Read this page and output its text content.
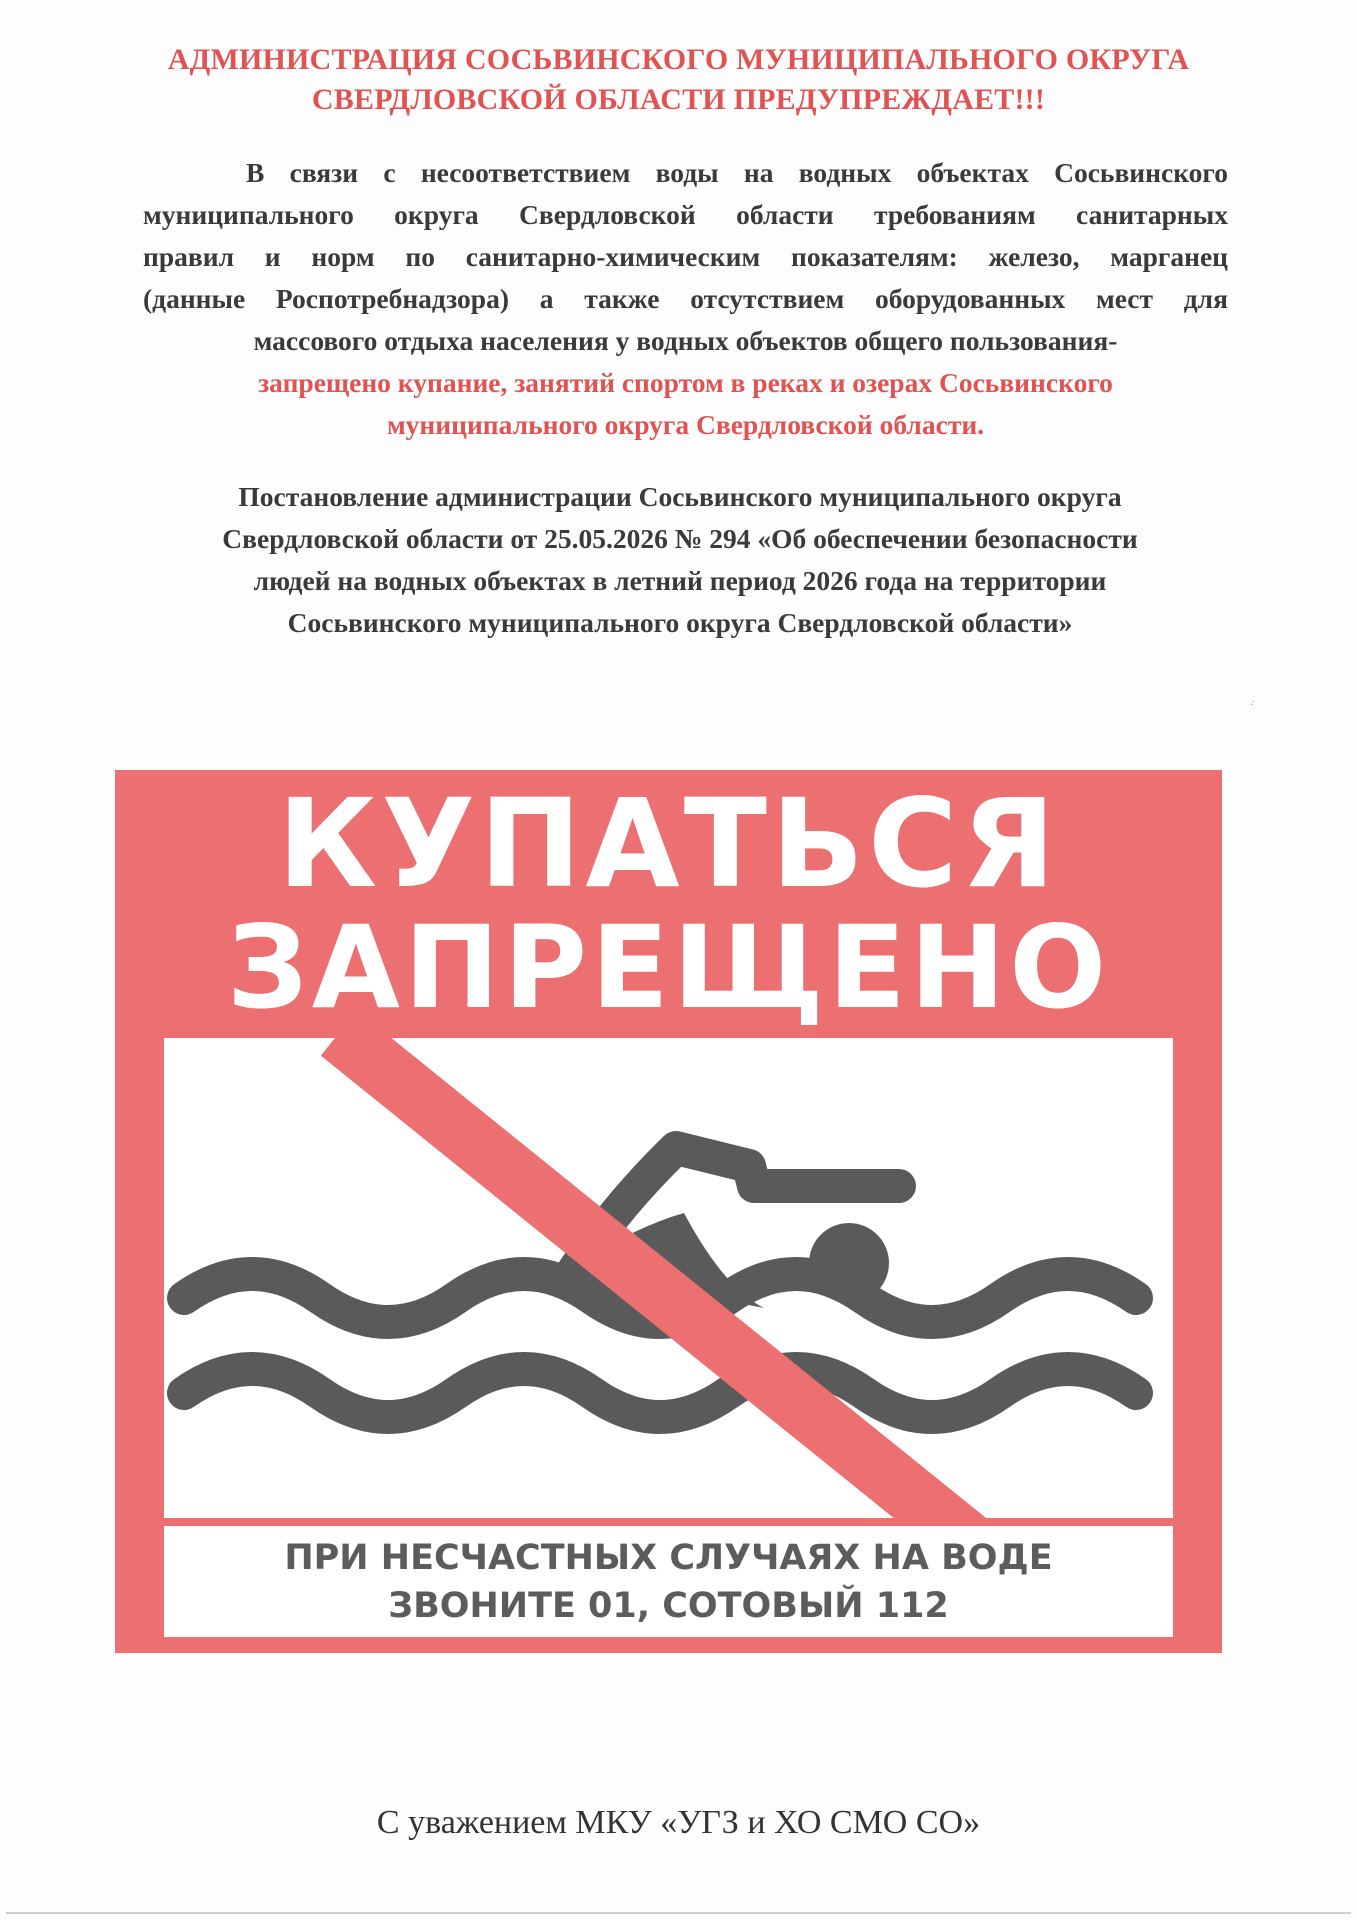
АДМИНИСТРАЦИЯ СОСЬВИНСКОГО МУНИЦИПАЛЬНОГО ОКРУГА
СВЕРДЛОВСКОЙ ОБЛАСТИ ПРЕДУПРЕЖДАЕТ!!!
В связи с несоответствием воды на водных объектах Сосьвинского
муниципального округа Свердловской области требованиям санитарных
правил и норм по санитарно-химическим показателям: железо, марганец
(данные Роспотребнадзора) а также отсутствием оборудованных мест для
массового отдыха населения у водных объектов общего пользования-
запрещено купание, занятий спортом в реках и озерах Сосьвинского
муниципального округа Свердловской области.
Постановление администрации Сосьвинского муниципального округа
Свердловской области от 25.05.2026 № 294 «Об обеспечении безопасности
людей на водных объектах в летний период 2026 года на территории
Сосьвинского муниципального округа Свердловской области»
·̇
КУПАТЬСЯ
ЗАПРЕЩЕНО
ПРИ НЕСЧАСТНЫХ СЛУЧАЯХ НА ВОДЕ
ЗВОНИТЕ 01, СОТОВЫЙ 112
С уважением МКУ «УГЗ и ХО СМО СО»
